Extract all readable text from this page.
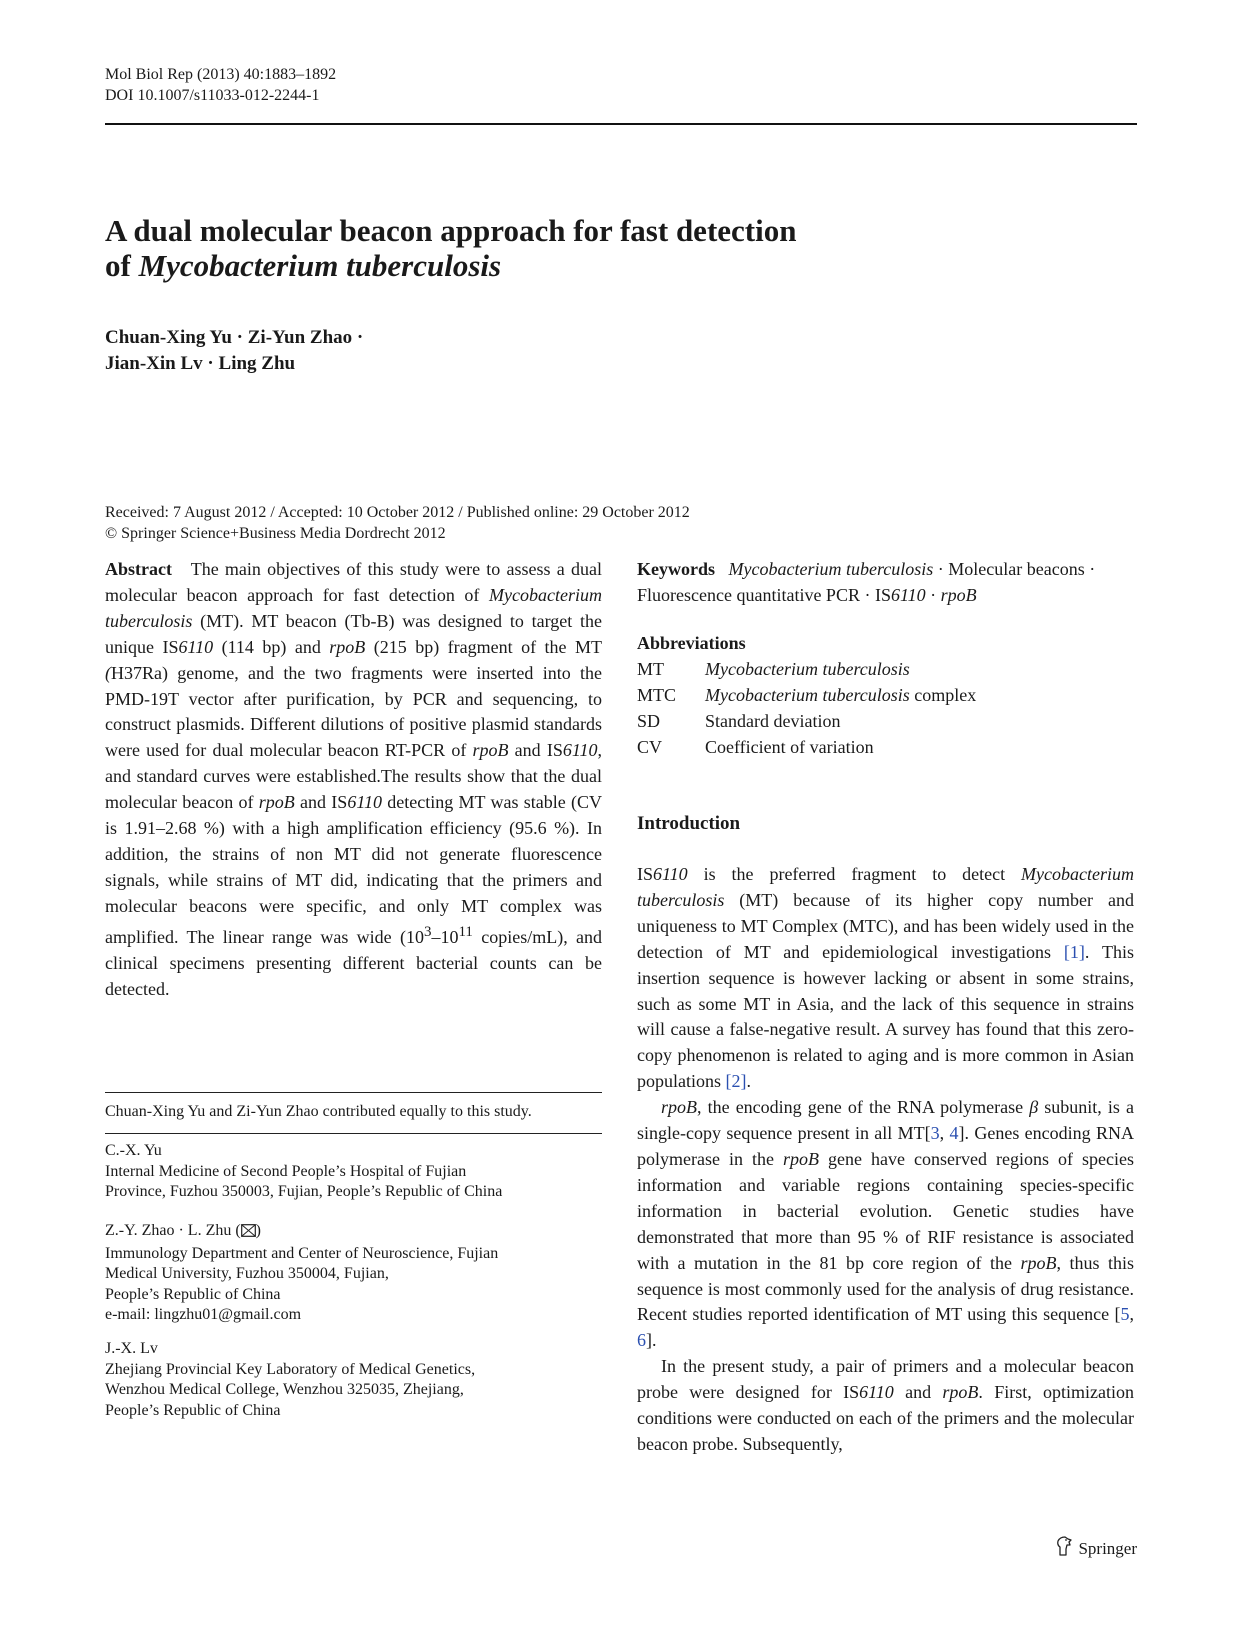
Mol Biol Rep (2013) 40:1883–1892
DOI 10.1007/s11033-012-2244-1
A dual molecular beacon approach for fast detection
of Mycobacterium tuberculosis
Chuan-Xing Yu · Zi-Yun Zhao ·
Jian-Xin Lv · Ling Zhu
Received: 7 August 2012 / Accepted: 10 October 2012 / Published online: 29 October 2012
© Springer Science+Business Media Dordrecht 2012
Abstract The main objectives of this study were to assess a dual molecular beacon approach for fast detection of Mycobacterium tuberculosis (MT). MT beacon (Tb-B) was designed to target the unique IS6110 (114 bp) and rpoB (215 bp) fragment of the MT (H37Ra) genome, and the two fragments were inserted into the PMD-19T vector after purification, by PCR and sequencing, to construct plasmids. Different dilutions of positive plasmid standards were used for dual molecular beacon RT-PCR of rpoB and IS6110, and standard curves were established.The results show that the dual molecular beacon of rpoB and IS6110 detecting MT was stable (CV is 1.91–2.68 %) with a high amplification efficiency (95.6 %). In addition, the strains of non MT did not generate fluorescence signals, while strains of MT did, indicating that the primers and molecular beacons were specific, and only MT complex was amplified. The linear range was wide ($10^3-10^{11}$ copies/mL), and clinical specimens presenting different bacterial counts can be detected.
Chuan-Xing Yu and Zi-Yun Zhao contributed equally to this study.
C.-X. Yu
Internal Medicine of Second People’s Hospital of Fujian
Province, Fuzhou 350003, Fujian, People’s Republic of China
Z.-Y. Zhao · L. Zhu ( )
Immunology Department and Center of Neuroscience, Fujian
Medical University, Fuzhou 350004, Fujian,
People’s Republic of China
e-mail: lingzhu01@gmail.com
J.-X. Lv
Zhejiang Provincial Key Laboratory of Medical Genetics,
Wenzhou Medical College, Wenzhou 325035, Zhejiang,
People’s Republic of China
Keywords Mycobacterium tuberculosis · Molecular beacons · Fluorescence quantitative PCR · IS6110 · rpoB
Abbreviations
MT	Mycobacterium tuberculosis
MTC	Mycobacterium tuberculosis complex
SD	Standard deviation
CV	Coefficient of variation
Introduction
IS6110 is the preferred fragment to detect Mycobacterium tuberculosis (MT) because of its higher copy number and uniqueness to MT Complex (MTC), and has been widely used in the detection of MT and epidemiological investigations [1]. This insertion sequence is however lacking or absent in some strains, such as some MT in Asia, and the lack of this sequence in strains will cause a false-negative result. A survey has found that this zero-copy phenomenon is related to aging and is more common in Asian populations [2].
rpoB, the encoding gene of the RNA polymerase β subunit, is a single-copy sequence present in all MT[3, 4]. Genes encoding RNA polymerase in the rpoB gene have conserved regions of species information and variable regions containing species-specific information in bacterial evolution. Genetic studies have demonstrated that more than 95 % of RIF resistance is associated with a mutation in the 81 bp core region of the rpoB, thus this sequence is most commonly used for the analysis of drug resistance. Recent studies reported identification of MT using this sequence [5, 6].
In the present study, a pair of primers and a molecular beacon probe were designed for IS6110 and rpoB. First, optimization conditions were conducted on each of the primers and the molecular beacon probe. Subsequently,
Springer
